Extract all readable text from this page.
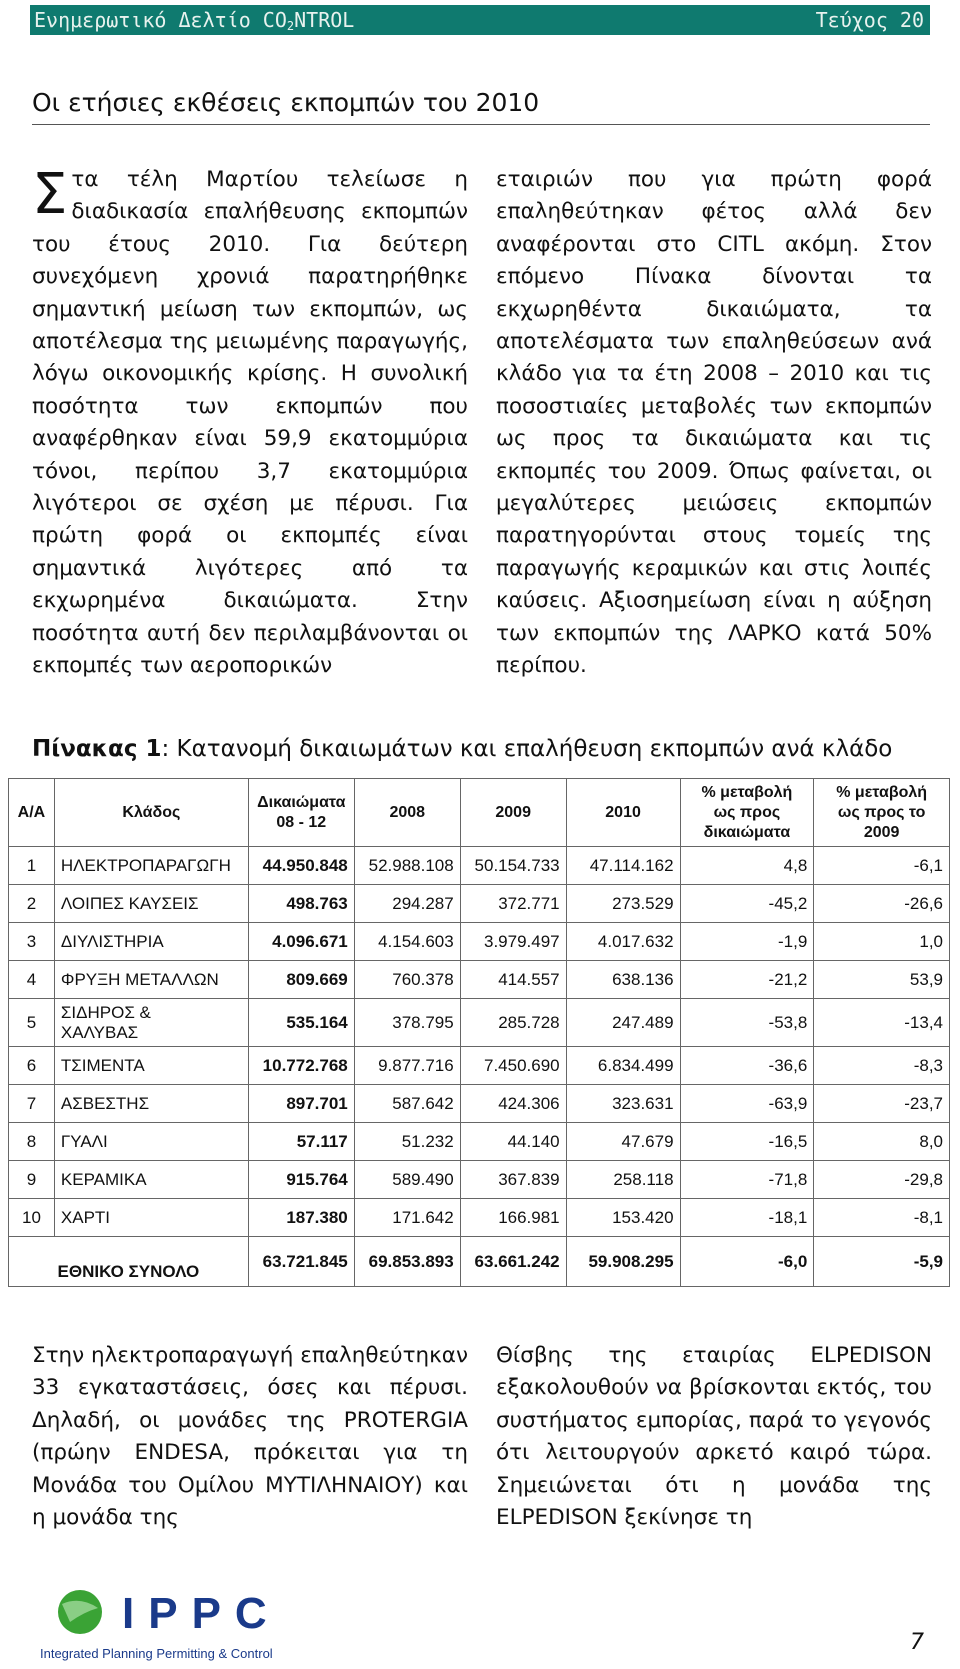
Ενημερωτικό Δελτίο $CO_2NTROL$	Τεύχος 20
Οι ετήσιες εκθέσεις εκπομπών του 2010
Στα τέλη Μαρτίου τελείωσε η διαδικασία επαλήθευσης εκπομπών του έτους 2010. Για δεύτερη συνεχόμενη χρονιά παρατηρήθηκε σημαντική μείωση των εκπομπών, ως αποτέλεσμα της μειωμένης παραγωγής, λόγω οικονομικής κρίσης. Η συνολική ποσότητα των εκπομπών που αναφέρθηκαν είναι 59,9 εκατομμύρια τόνοι, περίπου 3,7 εκατομμύρια λιγότεροι σε σχέση με πέρυσι. Για πρώτη φορά οι εκπομπές είναι σημαντικά λιγότερες από τα εκχωρημένα δικαιώματα. Στην ποσότητα αυτή δεν περιλαμβάνονται οι εκπομπές των αεροπορικών
εταιριών που για πρώτη φορά επαληθεύτηκαν φέτος αλλά δεν αναφέρονται στο CITL ακόμη. Στον επόμενο Πίνακα δίνονται τα εκχωρηθέντα δικαιώματα, τα αποτελέσματα των επαληθεύσεων ανά κλάδο για τα έτη 2008 – 2010 και τις ποσοστιαίες μεταβολές των εκπομπών ως προς τα δικαιώματα και τις εκπομπές του 2009. Όπως φαίνεται, οι μεγαλύτερες μειώσεις εκπομπών παρατηγορύνται στους τομείς της παραγωγής κεραμικών και στις λοιπές καύσεις. Αξιοσημείωση είναι η αύξηση των εκπομπών της ΛΑΡΚΟ κατά 50% περίπου.
Πίνακας 1: Κατανομή δικαιωμάτων και επαλήθευση εκπομπών ανά κλάδο
Α/Α	Κλάδος	Δικαιώματα
08 - 12	2008	2009	2010	% μεταβολή
ως προς
δικαιώματα	% μεταβολή
ως προς το
2009
1	ΗΛΕΚΤΡΟΠΑΡΑΓΩΓΗ	44.950.848	52.988.108	50.154.733	47.114.162	4,8	-6,1
2	ΛΟΙΠΕΣ ΚΑΥΣΕΙΣ	498.763	294.287	372.771	273.529	-45,2	-26,6
3	ΔΙΥΛΙΣΤΗΡΙΑ	4.096.671	4.154.603	3.979.497	4.017.632	-1,9	1,0
4	ΦΡΥΞΗ ΜΕΤΑΛΛΩΝ	809.669	760.378	414.557	638.136	-21,2	53,9
5	ΣΙΔΗΡΟΣ &
ΧΑΛΥΒΑΣ	535.164	378.795	285.728	247.489	-53,8	-13,4
6	ΤΣΙΜΕΝΤΑ	10.772.768	9.877.716	7.450.690	6.834.499	-36,6	-8,3
7	ΑΣΒΕΣΤΗΣ	897.701	587.642	424.306	323.631	-63,9	-23,7
8	ΓΥΑΛΙ	57.117	51.232	44.140	47.679	-16,5	8,0
9	ΚΕΡΑΜΙΚΑ	915.764	589.490	367.839	258.118	-71,8	-29,8
10	ΧΑΡΤΙ	187.380	171.642	166.981	153.420	-18,1	-8,1
ΕΘΝΙΚΟ ΣΥΝΟΛΟ		63.721.845	69.853.893	63.661.242	59.908.295	-6,0	-5,9
Στην ηλεκτροπαραγωγή επαληθεύτηκαν 33 εγκαταστάσεις, όσες και πέρυσι. Δηλαδή, οι μονάδες της PROTERGIA (πρώην ENDESA, πρόκειται για τη Μονάδα του Ομίλου ΜΥΤΙΛΗΝΑΙΟΥ) και η μονάδα της
Θίσβης της εταιρίας ELPEDISON εξακολουθούν να βρίσκονται εκτός, του συστήματος εμπορίας, παρά το γεγονός ότι λειτουργούν αρκετό καιρό τώρα. Σημειώνεται ότι η μονάδα της ELPEDISON ξεκίνησε τη
IPPC
Integrated Planning Permitting & Control	7
